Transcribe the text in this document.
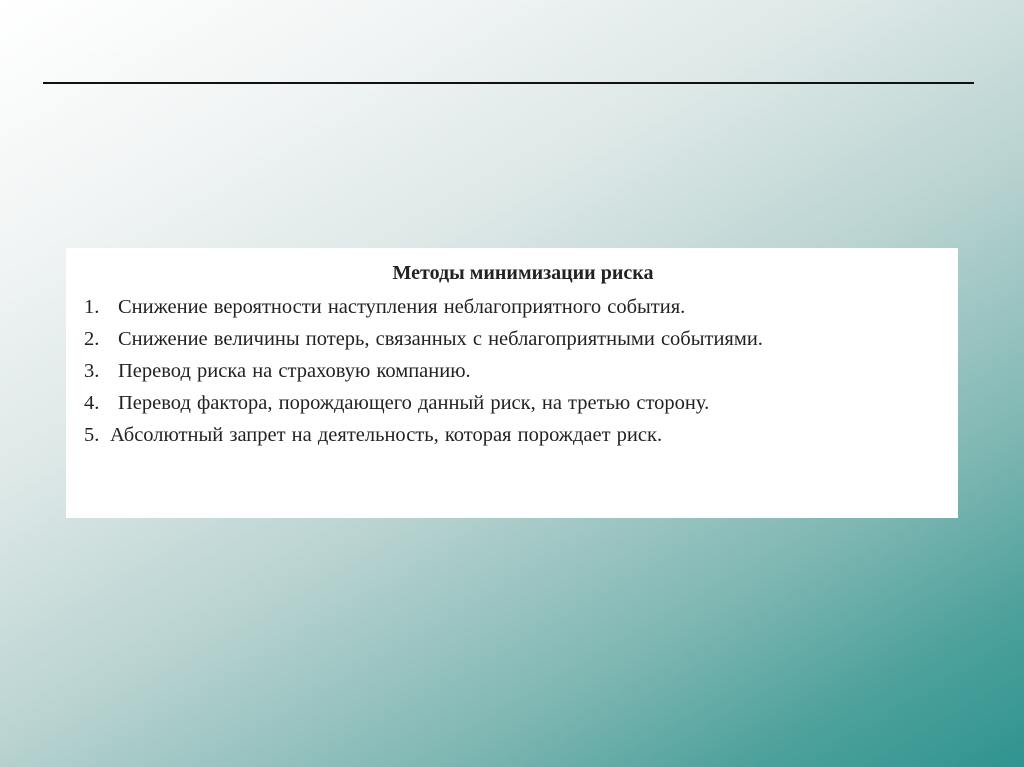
Методы минимизации риска
1. Снижение вероятности наступления неблагоприятного события.
2. Снижение величины потерь, связанных с неблагоприятными событиями.
3. Перевод риска на страховую компанию.
4. Перевод фактора, порождающего данный риск, на третью сторону.
5. Абсолютный запрет на деятельность, которая порождает риск.
